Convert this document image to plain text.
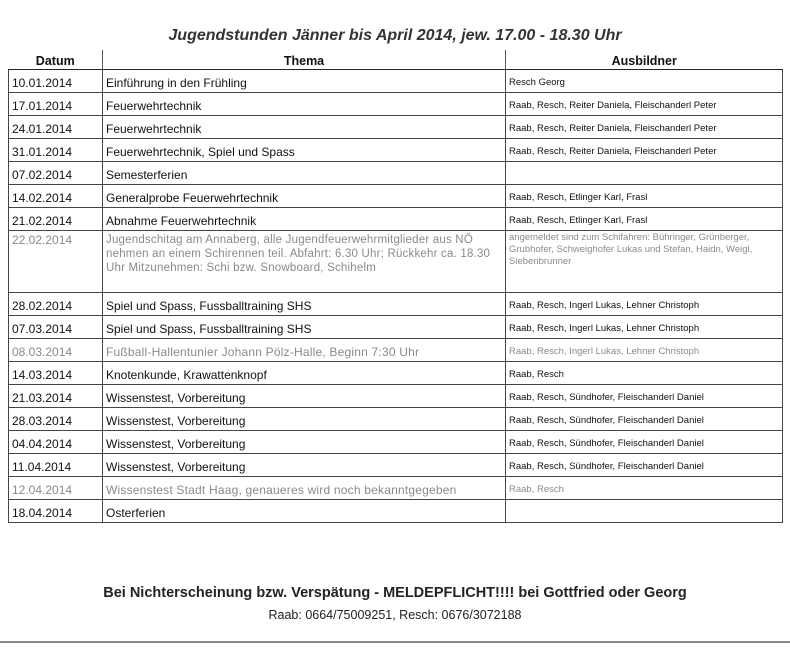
Jugendstunden Jänner bis April 2014, jew. 17.00 - 18.30 Uhr
Datum	Thema	Ausbildner
10.01.2014	Einführung in den Frühling	Resch Georg
17.01.2014	Feuerwehrtechnik	Raab, Resch, Reiter Daniela, Fleischanderl Peter
24.01.2014	Feuerwehrtechnik	Raab, Resch, Reiter Daniela, Fleischanderl Peter
31.01.2014	Feuerwehrtechnik, Spiel und Spass	Raab, Resch, Reiter Daniela, Fleischanderl Peter
07.02.2014	Semesterferien	
14.02.2014	Generalprobe Feuerwehrtechnik	Raab, Resch, Etlinger Karl, Frasl
21.02.2014	Abnahme Feuerwehrtechnik	Raab, Resch, Etlinger Karl, Frasl
22.02.2014	Jugendschitag am Annaberg, alle Jugendfeuerwehrmitglieder aus NÖ nehmen an einem Schirennen teil. Abfahrt: 6.30 Uhr; Rückkehr ca. 18.30 Uhr Mitzunehmen: Schi bzw. Snowboard, Schihelm	angemeldet sind zum Schifahren: Bühringer, Grünberger, Grubhofer, Schweighofer Lukas und Stefan, Haidn, Weigl, Siebenbrunner
28.02.2014	Spiel und Spass, Fussballtraining SHS	Raab, Resch, Ingerl Lukas, Lehner Christoph
07.03.2014	Spiel und Spass, Fussballtraining SHS	Raab, Resch, Ingerl Lukas, Lehner Christoph
08.03.2014	Fußball-Hallentunier Johann Pölz-Halle, Beginn 7:30 Uhr	Raab, Resch, Ingerl Lukas, Lehner Christoph
14.03.2014	Knotenkunde, Krawattenknopf	Raab, Resch
21.03.2014	Wissenstest, Vorbereitung	Raab, Resch, Sündhofer, Fleischanderl Daniel
28.03.2014	Wissenstest, Vorbereitung	Raab, Resch, Sündhofer, Fleischanderl Daniel
04.04.2014	Wissenstest, Vorbereitung	Raab, Resch, Sündhofer, Fleischanderl Daniel
11.04.2014	Wissenstest, Vorbereitung	Raab, Resch, Sündhofer, Fleischanderl Daniel
12.04.2014	Wissenstest Stadt Haag, genaueres wird noch bekanntgegeben	Raab, Resch
18.04.2014	Osterferien	
Bei Nichterscheinung bzw. Verspätung - MELDEPFLICHT!!!! bei Gottfried oder Georg
Raab: 0664/75009251, Resch: 0676/3072188
